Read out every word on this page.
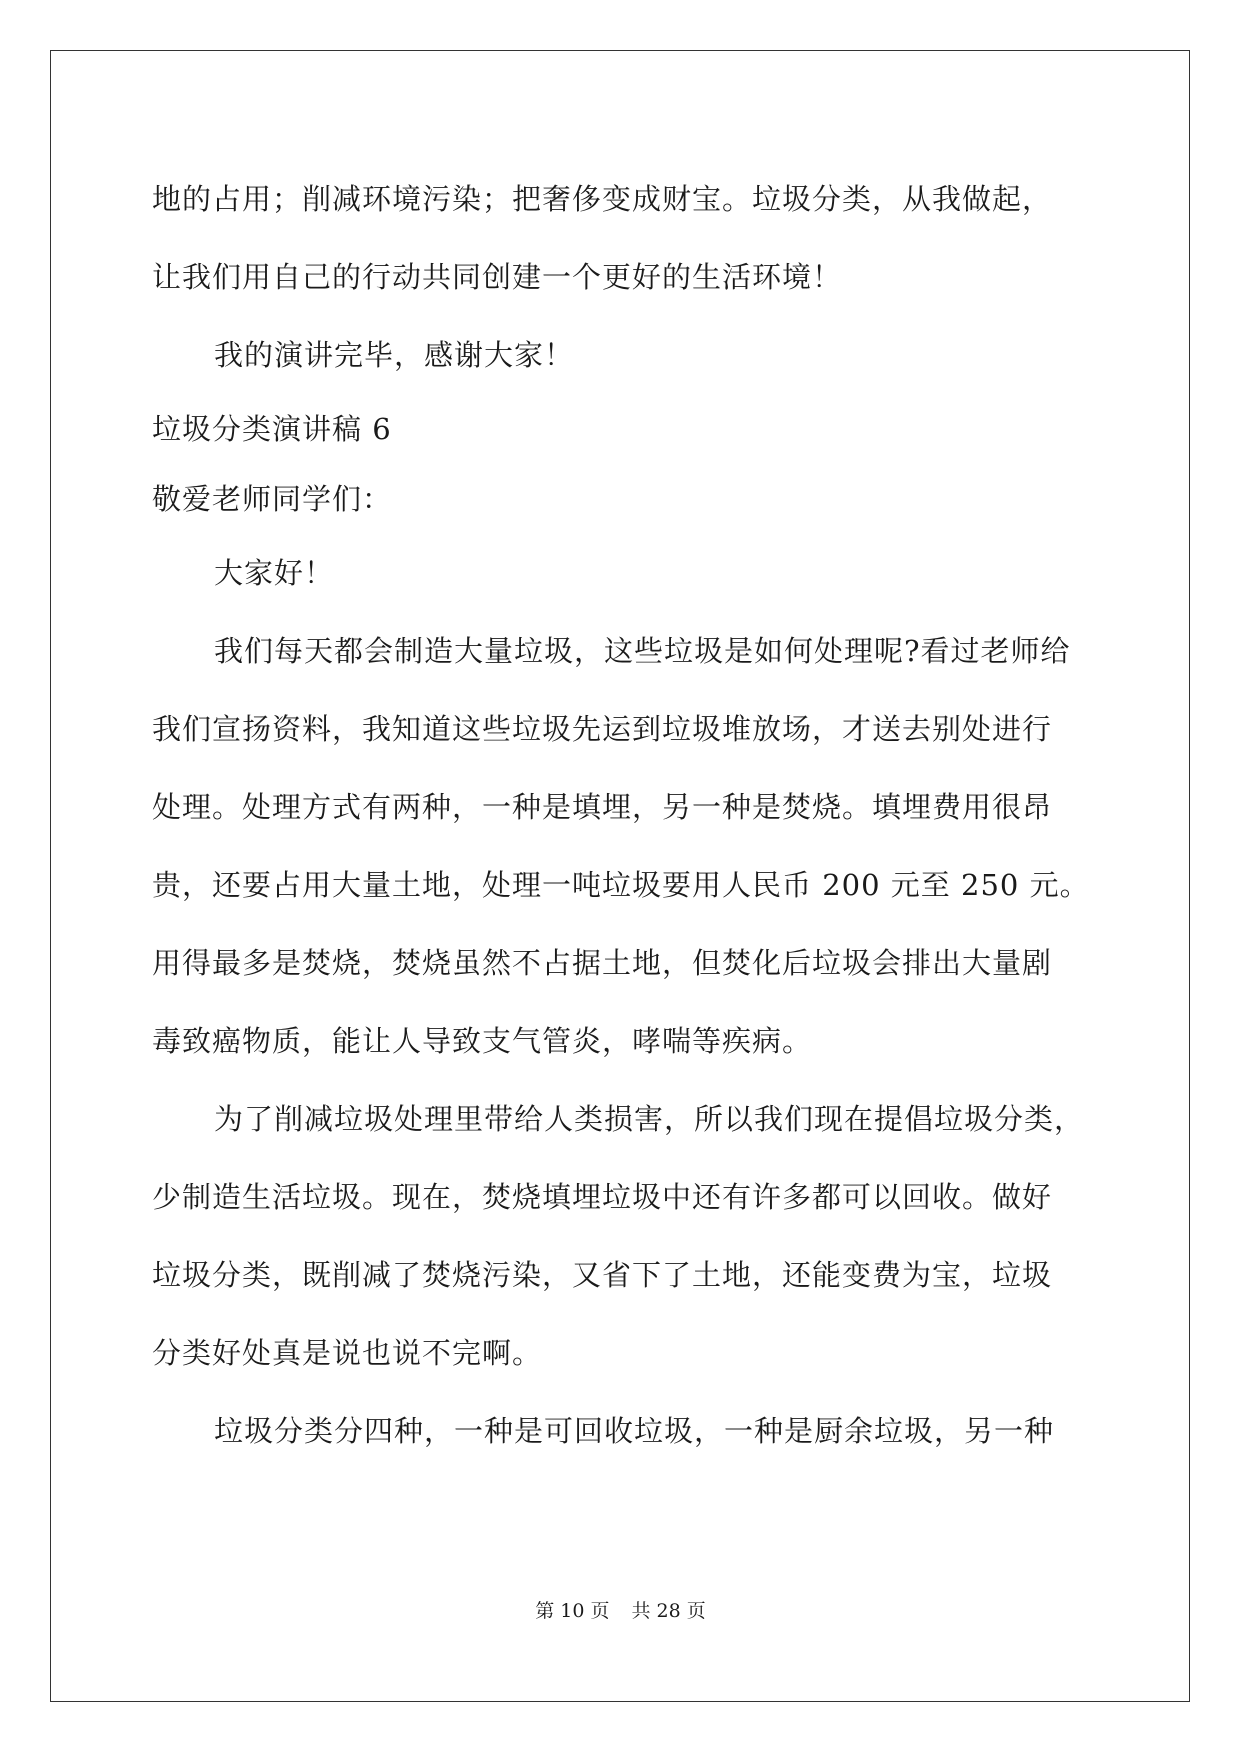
地的占用；削减环境污染；把奢侈变成财宝。垃圾分类，从我做起，
让我们用自己的行动共同创建一个更好的生活环境！
我的演讲完毕，感谢大家！
垃圾分类演讲稿 6
敬爱老师同学们：
大家好！
我们每天都会制造大量垃圾，这些垃圾是如何处理呢?看过老师给
我们宣扬资料，我知道这些垃圾先运到垃圾堆放场，才送去别处进行
处理。处理方式有两种，一种是填埋，另一种是焚烧。填埋费用很昂
贵，还要占用大量土地，处理一吨垃圾要用人民币 200 元至 250 元。
用得最多是焚烧，焚烧虽然不占据土地，但焚化后垃圾会排出大量剧
毒致癌物质，能让人导致支气管炎，哮喘等疾病。
为了削减垃圾处理里带给人类损害，所以我们现在提倡垃圾分类，
少制造生活垃圾。现在，焚烧填埋垃圾中还有许多都可以回收。做好
垃圾分类，既削减了焚烧污染，又省下了土地，还能变费为宝，垃圾
分类好处真是说也说不完啊。
垃圾分类分四种，一种是可回收垃圾，一种是厨余垃圾，另一种
第 10 页 共 28 页
